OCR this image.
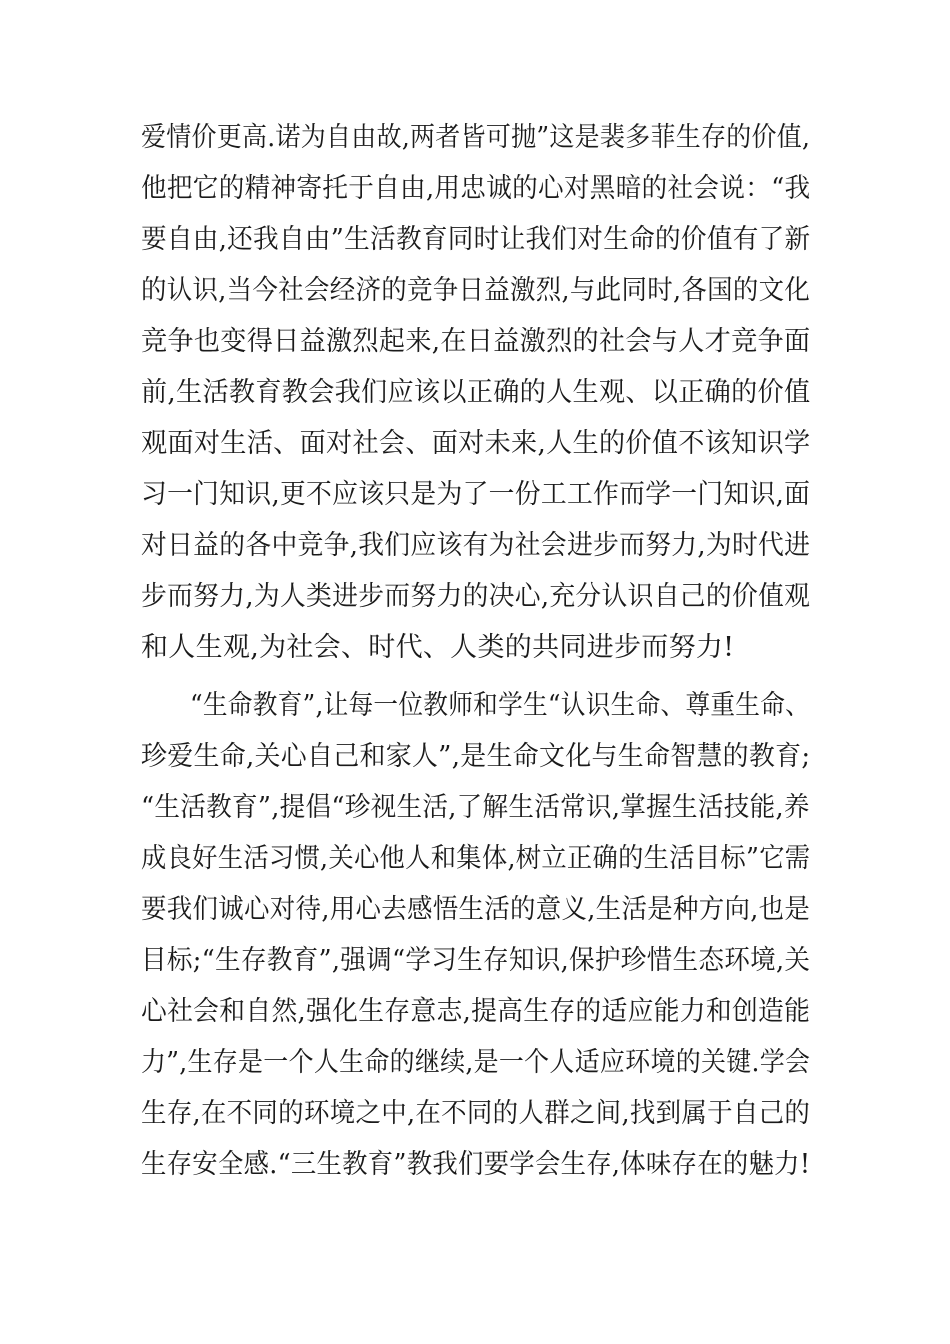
爱情价更高.诺为自由故,两者皆可抛”这是裴多菲生存的价值,
他把它的精神寄托于自由,用忠诚的心对黑暗的社会说：“我
要自由,还我自由”生活教育同时让我们对生命的价值有了新
的认识,当今社会经济的竞争日益激烈,与此同时,各国的文化
竞争也变得日益激烈起来,在日益激烈的社会与人才竞争面
前,生活教育教会我们应该以正确的人生观、以正确的价值
观面对生活、面对社会、面对未来,人生的价值不该知识学
习一门知识,更不应该只是为了一份工工作而学一门知识,面
对日益的各中竞争,我们应该有为社会进步而努力,为时代进
步而努力,为人类进步而努力的决心,充分认识自己的价值观
和人生观,为社会、时代、人类的共同进步而努力!
“生命教育”,让每一位教师和学生“认识生命、尊重生命、
珍爱生命,关心自己和家人”,是生命文化与生命智慧的教育;
“生活教育”,提倡“珍视生活,了解生活常识,掌握生活技能,养
成良好生活习惯,关心他人和集体,树立正确的生活目标”它需
要我们诚心对待,用心去感悟生活的意义,生活是种方向,也是
目标;“生存教育”,强调“学习生存知识,保护珍惜生态环境,关
心社会和自然,强化生存意志,提高生存的适应能力和创造能
力”,生存是一个人生命的继续,是一个人适应环境的关键.学会
生存,在不同的环境之中,在不同的人群之间,找到属于自己的
生存安全感.“三生教育”教我们要学会生存,体味存在的魅力!
